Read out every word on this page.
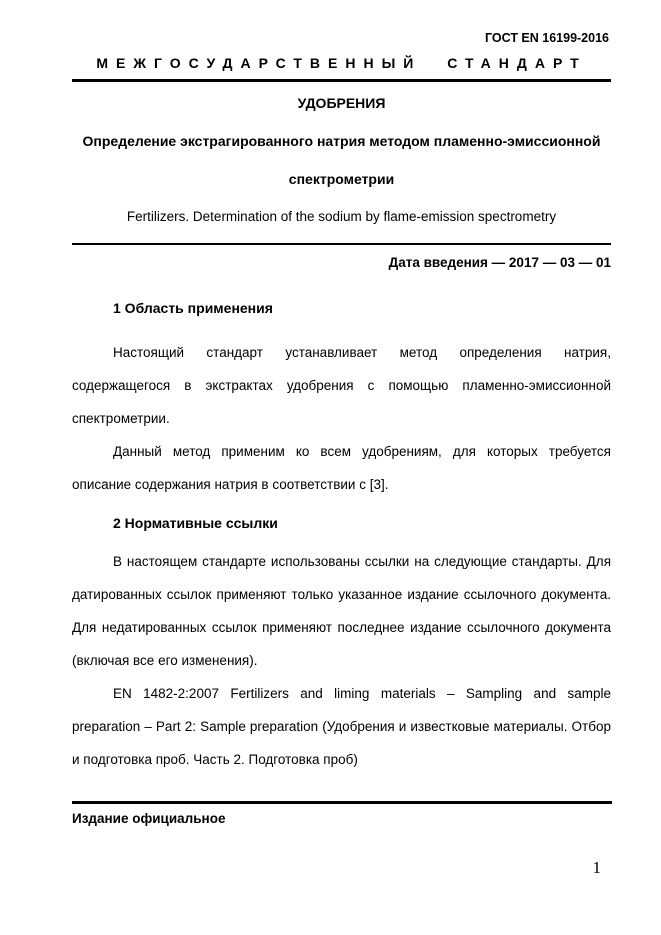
ГОСТ EN 16199-2016
МЕЖГОСУДАРСТВЕННЫЙ СТАНДАРТ
УДОБРЕНИЯ
Определение экстрагированного натрия методом пламенно-эмиссионной спектрометрии
Fertilizers. Determination of the sodium by flame-emission spectrometry
Дата введения — 2017 — 03 — 01
1 Область применения

Настоящий стандарт устанавливает метод определения натрия, содержащегося в экстрактах удобрения с помощью пламенно-эмиссионной спектрометрии.

Данный метод применим ко всем удобрениям, для которых требуется описание содержания натрия в соответствии с [3].

2 Нормативные ссылки

В настоящем стандарте использованы ссылки на следующие стандарты. Для датированных ссылок применяют только указанное издание ссылочного документа. Для недатированных ссылок применяют последнее издание ссылочного документа (включая все его изменения).

EN 1482-2:2007 Fertilizers and liming materials – Sampling and sample preparation – Part 2: Sample preparation (Удобрения и известковые материалы. Отбор и подготовка проб. Часть 2. Подготовка проб)

Издание официальное
1
